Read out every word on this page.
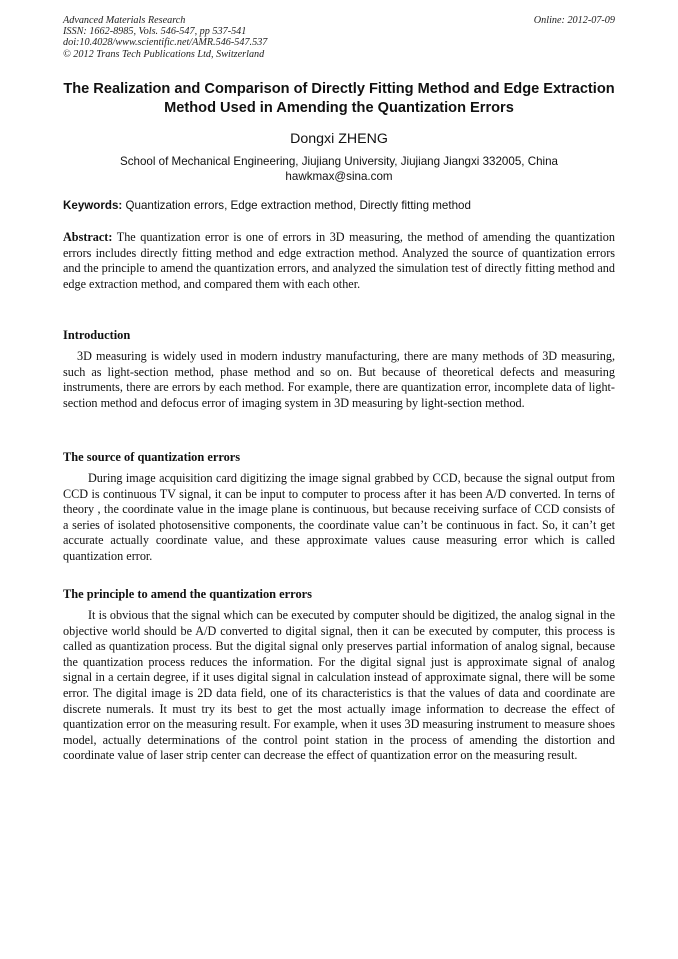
Advanced Materials Research
ISSN: 1662-8985, Vols. 546-547, pp 537-541
doi:10.4028/www.scientific.net/AMR.546-547.537
© 2012 Trans Tech Publications Ltd, Switzerland
Online: 2012-07-09
The Realization and Comparison of Directly Fitting Method and Edge Extraction Method Used in Amending the Quantization Errors
Dongxi ZHENG
School of Mechanical Engineering, Jiujiang University, Jiujiang Jiangxi 332005, China
hawkmax@sina.com
Keywords: Quantization errors, Edge extraction method, Directly fitting method
Abstract: The quantization error is one of errors in 3D measuring, the method of amending the quantization errors includes directly fitting method and edge extraction method. Analyzed the source of quantization errors and the principle to amend the quantization errors, and analyzed the simulation test of directly fitting method and edge extraction method, and compared them with each other.
Introduction

3D measuring is widely used in modern industry manufacturing, there are many methods of 3D measuring, such as light-section method, phase method and so on. But because of theoretical defects and measuring instruments, there are errors by each method. For example, there are quantization error, incomplete data of light-section method and defocus error of imaging system in 3D measuring by light-section method.

The source of quantization errors

During image acquisition card digitizing the image signal grabbed by CCD, because the signal output from CCD is continuous TV signal, it can be input to computer to process after it has been A/D converted. In terns of theory , the coordinate value in the image plane is continuous, but because receiving surface of CCD consists of a series of isolated photosensitive components, the coordinate value can’t be continuous in fact. So, it can’t get accurate actually coordinate value, and these approximate values cause measuring error which is called quantization error.

The principle to amend the quantization errors

It is obvious that the signal which can be executed by computer should be digitized, the analog signal in the objective world should be A/D converted to digital signal, then it can be executed by computer, this process is called as quantization process. But the digital signal only preserves partial information of analog signal, because the quantization process reduces the information. For the digital signal just is approximate signal of analog signal in a certain degree, if it uses digital signal in calculation instead of approximate signal, there will be some error. The digital image is 2D data field, one of its characteristics is that the values of data and coordinate are discrete numerals. It must try its best to get the most actually image information to decrease the effect of quantization error on the measuring result. For example, when it uses 3D measuring instrument to measure shoes model, actually determinations of the control point station in the process of amending the distortion and coordinate value of laser strip center can decrease the effect of quantization error on the measuring result.
